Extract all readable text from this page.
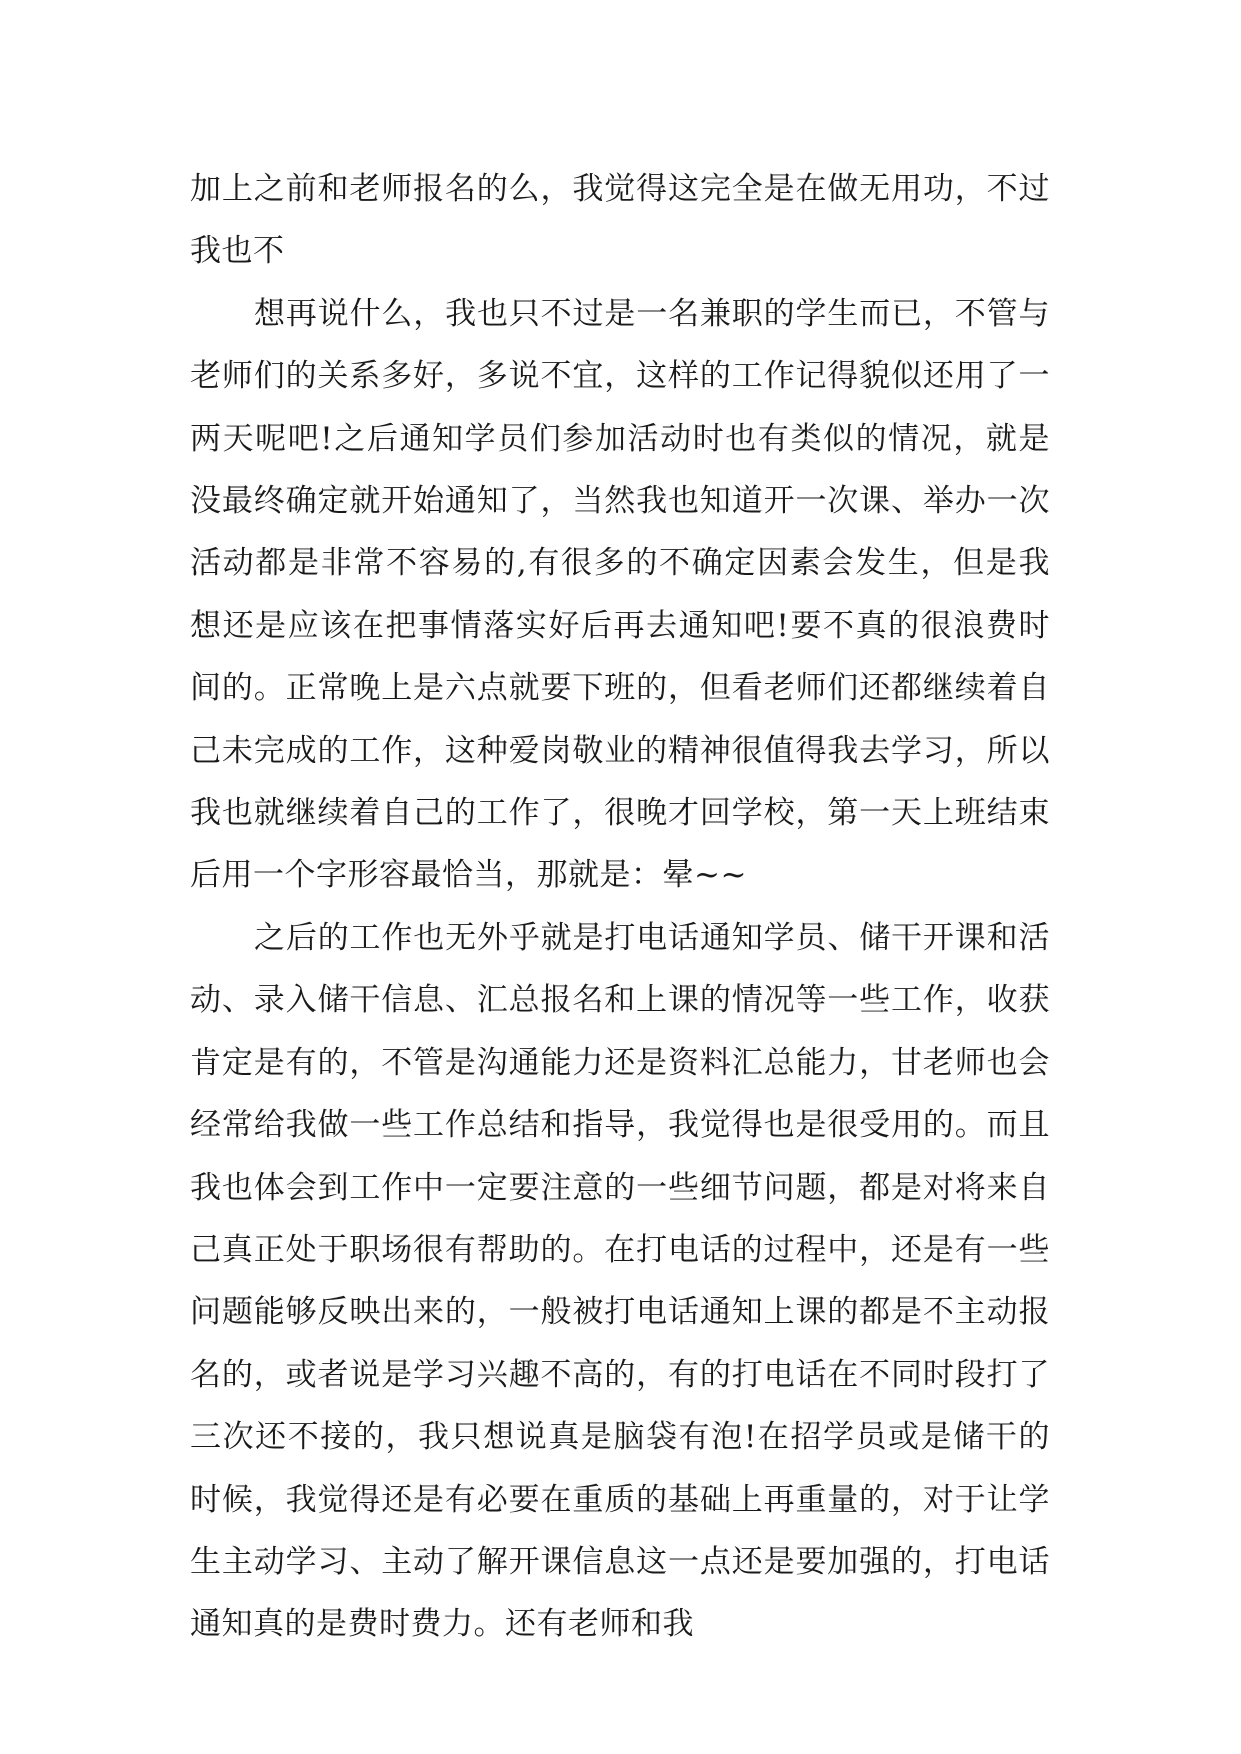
加上之前和老师报名的么，我觉得这完全是在做无用功，不过我也不

想再说什么，我也只不过是一名兼职的学生而已，不管与老师们的关系多好，多说不宜，这样的工作记得貌似还用了一两天呢吧!之后通知学员们参加活动时也有类似的情况，就是没最终确定就开始通知了，当然我也知道开一次课、举办一次活动都是非常不容易的,有很多的不确定因素会发生，但是我想还是应该在把事情落实好后再去通知吧!要不真的很浪费时间的。正常晚上是六点就要下班的，但看老师们还都继续着自己未完成的工作，这种爱岗敬业的精神很值得我去学习，所以我也就继续着自己的工作了，很晚才回学校，第一天上班结束后用一个字形容最恰当，那就是：晕~~

之后的工作也无外乎就是打电话通知学员、储干开课和活动、录入储干信息、汇总报名和上课的情况等一些工作，收获肯定是有的，不管是沟通能力还是资料汇总能力，甘老师也会经常给我做一些工作总结和指导，我觉得也是很受用的。而且我也体会到工作中一定要注意的一些细节问题，都是对将来自己真正处于职场很有帮助的。在打电话的过程中，还是有一些问题能够反映出来的，一般被打电话通知上课的都是不主动报名的，或者说是学习兴趣不高的，有的打电话在不同时段打了三次还不接的，我只想说真是脑袋有泡!在招学员或是储干的时候，我觉得还是有必要在重质的基础上再重量的，对于让学生主动学习、主动了解开课信息这一点还是要加强的，打电话通知真的是费时费力。还有老师和我
